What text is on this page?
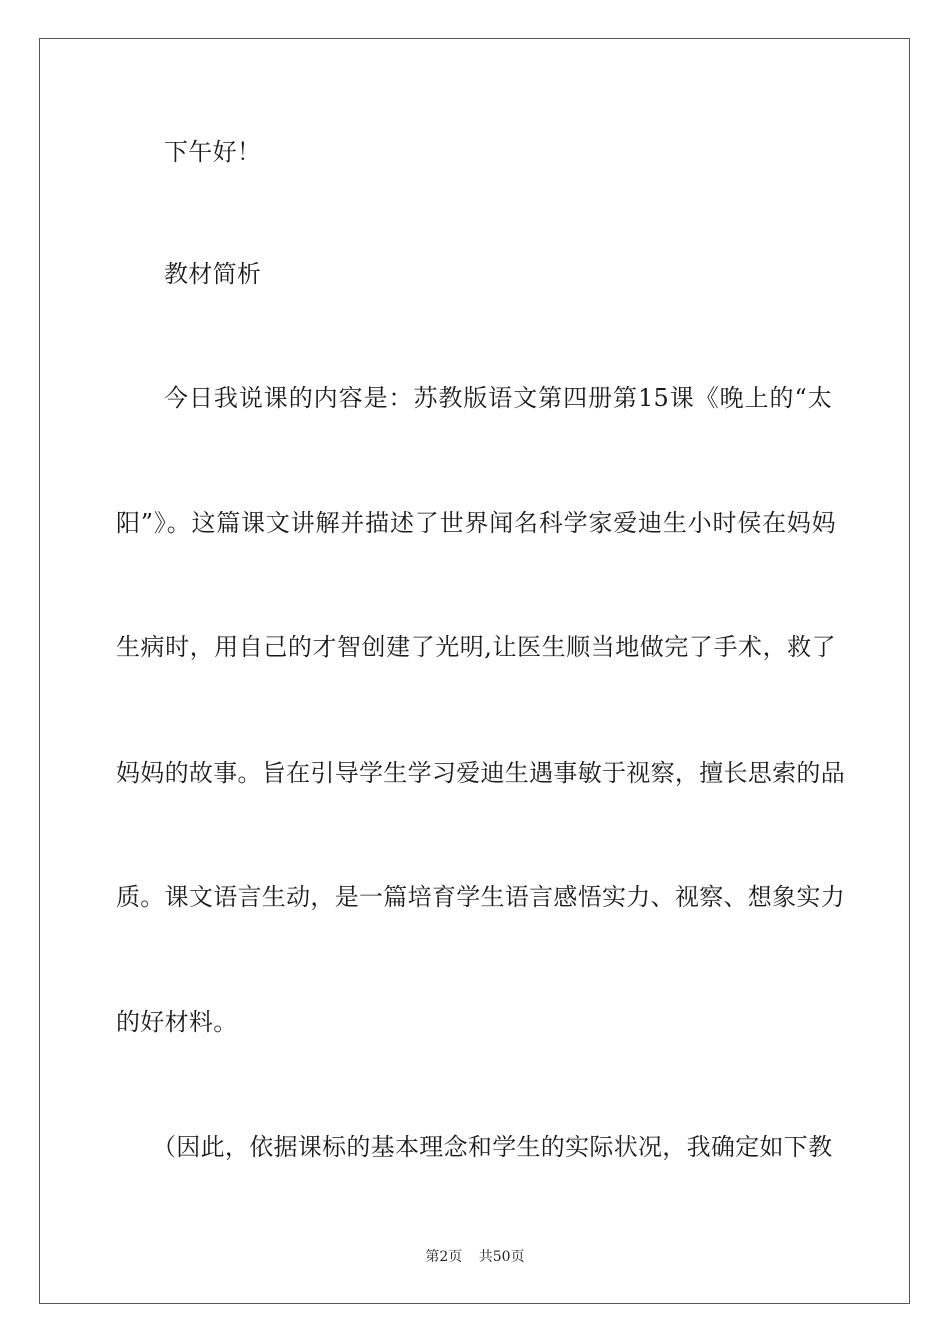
下午好！
教材简析
今日我说课的内容是：苏教版语文第四册第15课《晚上的“太
阳”》。这篇课文讲解并描述了世界闻名科学家爱迪生小时侯在妈妈
生病时，用自己的才智创建了光明,让医生顺当地做完了手术，救了
妈妈的故事。旨在引导学生学习爱迪生遇事敏于视察，擅长思索的品
质。课文语言生动，是一篇培育学生语言感悟实力、视察、想象实力
的好材料。
（因此，依据课标的基本理念和学生的实际状况，我确定如下教
第2页 共50页
